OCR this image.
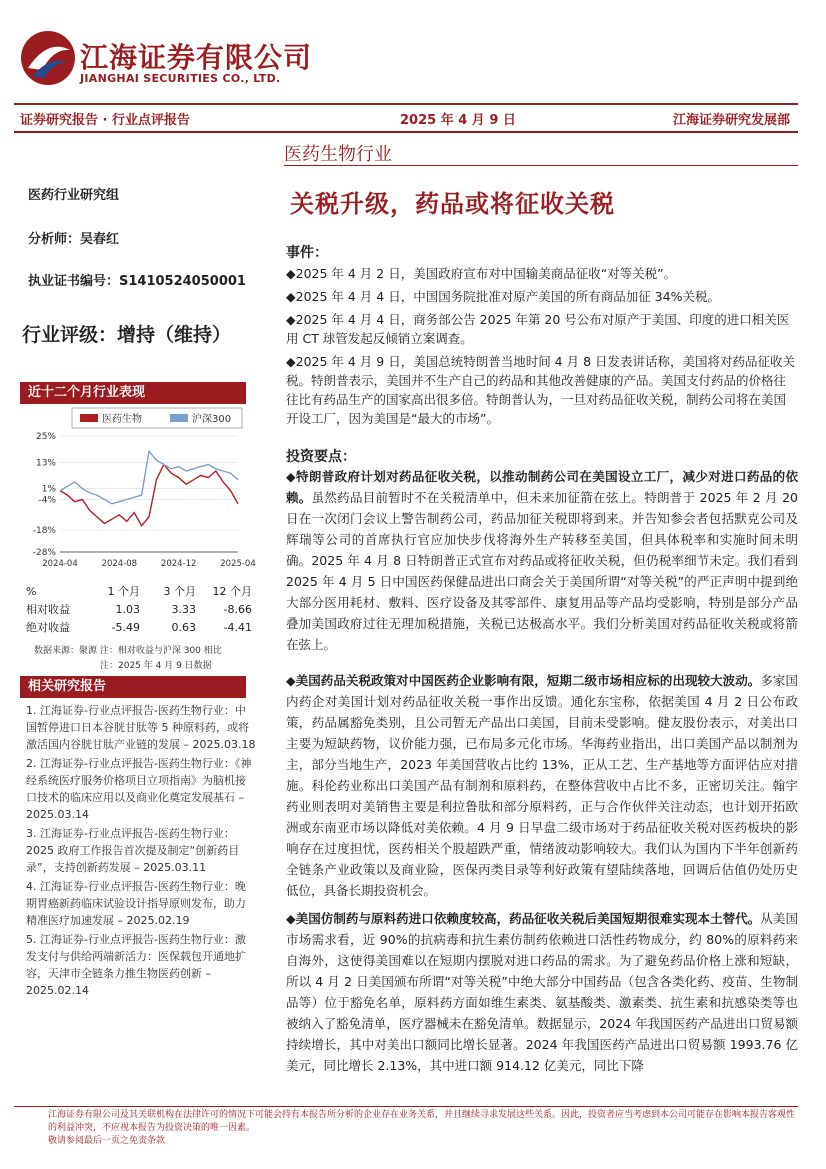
江海证券有限公司
JIANGHAI SECURITIES CO., LTD.
证券研究报告 · 行业点评报告	2025 年 4 月 9 日	江海证券研究发展部
医药生物行业
关税升级，药品或将征收关税
医药行业研究组
分析师：吴春红
执业证书编号：S1410524050001
行业评级：增持（维持）
近十二个月行业表现
医药生物	沪深300
25%
13%
1%
-4%
-18%
-28%
2024-04	2024-08	2024-12	2025-04
%	1 个月	3 个月	12 个月
相对收益	1.03	3.33	-8.66
绝对收益	-5.49	0.63	-4.41
数据来源：聚源 注：相对收益与沪深 300 相比
注：2025 年 4 月 9 日数据
相关研究报告
1. 江海证券-行业点评报告-医药生物行业：中国暂停进口日本谷胱甘肽等 5 种原料药，或将激活国内谷胱甘肽产业链的发展 – 2025.03.18
2. 江海证券-行业点评报告-医药生物行业：《神经系统医疗服务价格项目立项指南》为脑机接口技术的临床应用以及商业化奠定发展基石 – 2025.03.14
3. 江海证券-行业点评报告-医药生物行业：2025 政府工作报告首次提及制定“创新药目录”，支持创新药发展 – 2025.03.11
4. 江海证券-行业点评报告-医药生物行业：晚期胃癌新药临床试验设计指导原则发布，助力精准医疗加速发展 – 2025.02.19
5. 江海证券-行业点评报告-医药生物行业：激发支付与供给两端新活力：医保载包开通地扩容，天津市全链条力推生物医药创新 – 2025.02.14
事件：
◆2025 年 4 月 2 日，美国政府宣布对中国输美商品征收“对等关税”。
◆2025 年 4 月 4 日，中国国务院批准对原产美国的所有商品加征 34%关税。
◆2025 年 4 月 4 日，商务部公告 2025 年第 20 号公布对原产于美国、印度的进口相关医用 CT 球管发起反倾销立案调查。
◆2025 年 4 月 9 日，美国总统特朗普当地时间 4 月 8 日发表讲话称，美国将对药品征收关税。特朗普表示，美国并不生产自己的药品和其他改善健康的产品。美国支付药品的价格往往比有药品生产的国家高出很多倍。特朗普认为，一旦对药品征收关税，制药公司将在美国开设工厂，因为美国是“最大的市场”。
投资要点：
◆特朗普政府计划对药品征收关税，以推动制药公司在美国设立工厂，减少对进口药品的依赖。虽然药品目前暂时不在关税清单中，但未来加征箭在弦上。特朗普于 2025 年 2 月 20 日在一次闭门会议上警告制药公司，药品加征关税即将到来。并告知参会者包括默克公司及辉瑞等公司的首席执行官应加快步伐将海外生产转移至美国，但具体税率和实施时间未明确。2025 年 4 月 8 日特朗普正式宣布对药品或将征收关税，但仍税率细节未定。我们看到 2025 年 4 月 5 日中国医药保健品进出口商会关于美国所谓“对等关税”的严正声明中提到绝大部分医用耗材、敷料、医疗设备及其零部件、康复用品等产品均受影响，特别是部分产品叠加美国政府过往无理加税措施，关税已达极高水平。我们分析美国对药品征收关税或将箭在弦上。
◆美国药品关税政策对中国医药企业影响有限，短期二级市场相应标的出现较大波动。多家国内药企对美国计划对药品征收关税一事作出反馈。通化东宝称，依据美国 4 月 2 日公布政策，药品属豁免类别，且公司暂无产品出口美国，目前未受影响。健友股份表示，对美出口主要为短缺药物，议价能力强，已布局多元化市场。华海药业指出，出口美国产品以制剂为主，部分当地生产，2023 年美国营收占比约 13%，正从工艺、生产基地等方面评估应对措施。科伦药业称出口美国产品有制剂和原料药，在整体营收中占比不多，正密切关注。翰宇药业则表明对美销售主要是利拉鲁肽和部分原料药，正与合作伙伴关注动态，也计划开拓欧洲或东南亚市场以降低对美依赖。4 月 9 日早盘二级市场对于药品征收关税对医药板块的影响存在过度担忧，医药相关个股超跌严重，情绪波动影响较大。我们认为国内下半年创新药全链条产业政策以及商业险，医保丙类目录等利好政策有望陆续落地，回调后估值仍处历史低位，具备长期投资机会。
◆美国仿制药与原料药进口依赖度较高，药品征收关税后美国短期很难实现本土替代。从美国市场需求看，近 90%的抗病毒和抗生素仿制药依赖进口活性药物成分，约 80%的原料药来自海外，这使得美国难以在短期内摆脱对进口药品的需求。为了避免药品价格上涨和短缺，所以 4 月 2 日美国颁布所谓“对等关税”中绝大部分中国药品（包含各类化药、疫苗、生物制品等）位于豁免名单，原料药方面如维生素类、氨基酸类、激素类、抗生素和抗感染类等也被纳入了豁免清单，医疗器械未在豁免清单。数据显示，2024 年我国医药产品进出口贸易额持续增长，其中对美出口额同比增长显著。2024 年我国医药产品进出口贸易额 1993.76 亿美元，同比增长 2.13%，其中进口额 914.12 亿美元，同比下降
江海证券有限公司及其关联机构在法律许可的情况下可能会持有本报告所分析的企业存在业务关系，并且继续寻求发展这些关系。因此，投资者应当考虑到本公司可能存在影响本报告客观性的利益冲突，不应视本报告为投资决策的唯一因素。
敬请参阅最后一页之免责条款
